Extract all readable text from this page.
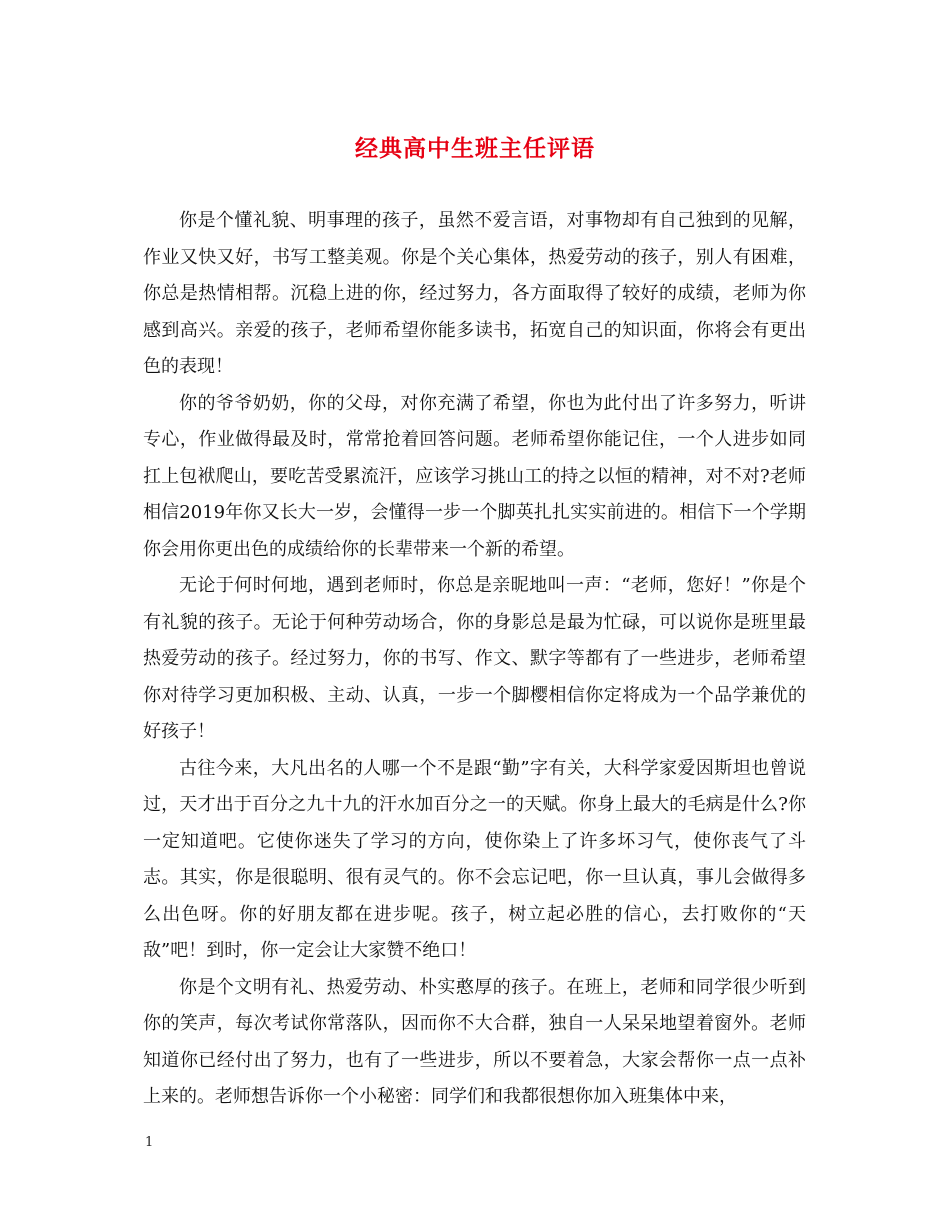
经典高中生班主任评语

你是个懂礼貌、明事理的孩子，虽然不爱言语，对事物却有自己独到的见解，作业又快又好，书写工整美观。你是个关心集体，热爱劳动的孩子，别人有困难，你总是热情相帮。沉稳上进的你，经过努力，各方面取得了较好的成绩，老师为你感到高兴。亲爱的孩子，老师希望你能多读书，拓宽自己的知识面，你将会有更出色的表现！

你的爷爷奶奶，你的父母，对你充满了希望，你也为此付出了许多努力，听讲专心，作业做得最及时，常常抢着回答问题。老师希望你能记住，一个人进步如同扛上包袱爬山，要吃苦受累流汗，应该学习挑山工的持之以恒的精神，对不对?老师相信2019年你又长大一岁，会懂得一步一个脚英扎扎实实前进的。相信下一个学期你会用你更出色的成绩给你的长辈带来一个新的希望。

无论于何时何地，遇到老师时，你总是亲昵地叫一声：“老师，您好！”你是个有礼貌的孩子。无论于何种劳动场合，你的身影总是最为忙碌，可以说你是班里最热爱劳动的孩子。经过努力，你的书写、作文、默字等都有了一些进步，老师希望你对待学习更加积极、主动、认真，一步一个脚樱相信你定将成为一个品学兼优的好孩子！

古往今来，大凡出名的人哪一个不是跟“勤”字有关，大科学家爱因斯坦也曾说过，天才出于百分之九十九的汗水加百分之一的天赋。你身上最大的毛病是什么?你一定知道吧。它使你迷失了学习的方向，使你染上了许多坏习气，使你丧气了斗志。其实，你是很聪明、很有灵气的。你不会忘记吧，你一旦认真，事儿会做得多么出色呀。你的好朋友都在进步呢。孩子，树立起必胜的信心，去打败你的“天敌”吧！到时，你一定会让大家赞不绝口！

你是个文明有礼、热爱劳动、朴实憨厚的孩子。在班上，老师和同学很少听到你的笑声，每次考试你常落队，因而你不大合群，独自一人呆呆地望着窗外。老师知道你已经付出了努力，也有了一些进步，所以不要着急，大家会帮你一点一点补上来的。老师想告诉你一个小秘密：同学们和我都很想你加入班集体中来，

1
